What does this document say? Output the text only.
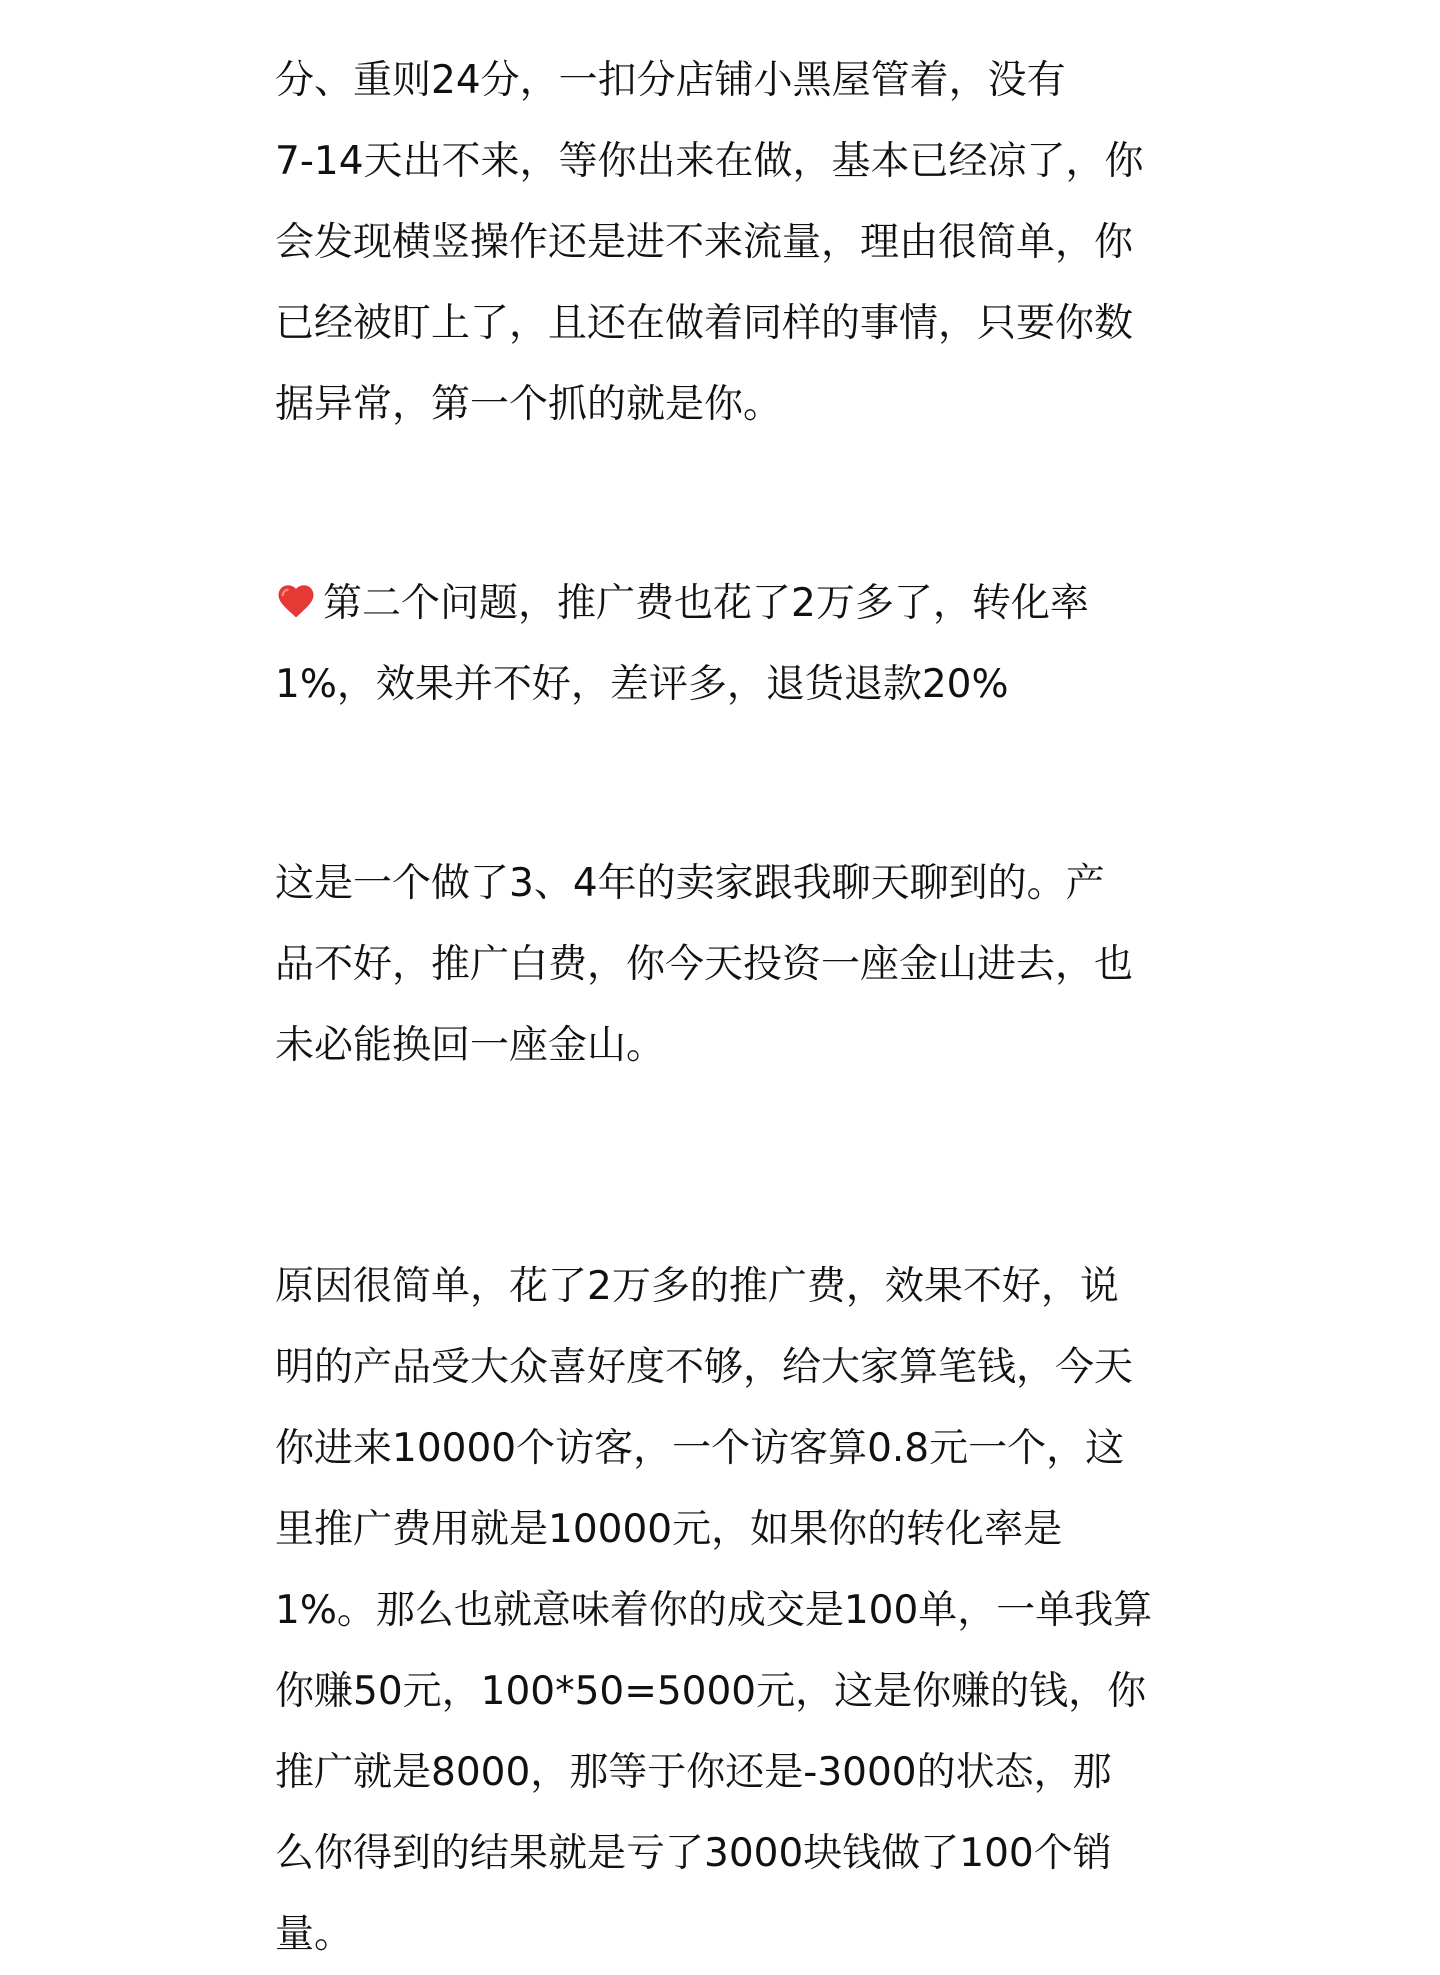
分、重则24分，一扣分店铺小黑屋管着，没有

7-14天出不来，等你出来在做，基本已经凉了，你

会发现横竖操作还是进不来流量，理由很简单，你

已经被盯上了，且还在做着同样的事情，只要你数

据异常，第一个抓的就是你。

第二个问题，推广费也花了2万多了，转化率

1%，效果并不好，差评多，退货退款20%

这是一个做了3、4年的卖家跟我聊天聊到的。产

品不好，推广白费，你今天投资一座金山进去，也

未必能换回一座金山。

原因很简单，花了2万多的推广费，效果不好，说

明的产品受大众喜好度不够，给大家算笔钱，今天

你进来10000个访客，一个访客算0.8元一个，这

里推广费用就是10000元，如果你的转化率是

1%。那么也就意味着你的成交是100单，一单我算

你赚50元，100*50=5000元，这是你赚的钱，你

推广就是8000，那等于你还是-3000的状态，那

么你得到的结果就是亏了3000块钱做了100个销

量。
